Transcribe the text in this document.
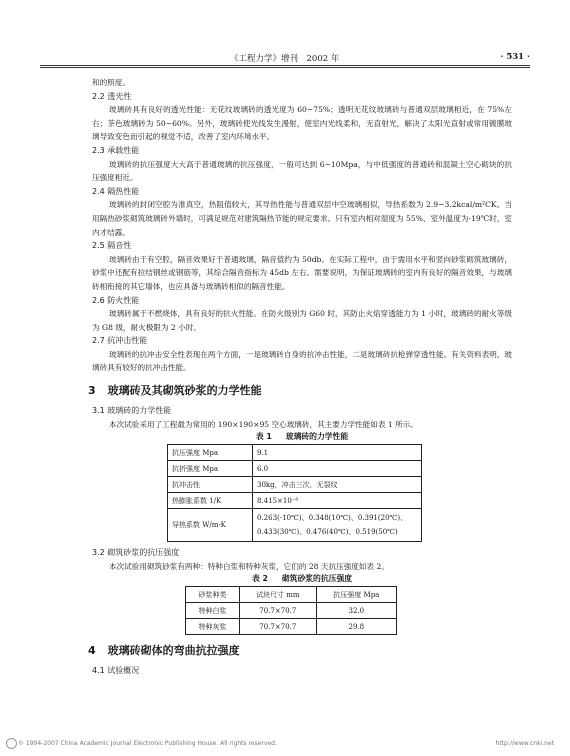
《工程力学》增刊　2002 年	· 531 ·

和的照度。

2.2 透光性

玻璃砖具有良好的透光性能：无花纹玻璃砖的透光度为 60~75%；透明无花纹玻璃砖与普通双层玻璃相近，在 75%左右；茶色玻璃砖为 50~60%。另外，玻璃砖使光线发生漫射，使室内光线柔和，无直射光，解决了太阳光直射或常用镀膜玻璃导致变色而引起的视觉不适，改善了室内环境水平。

2.3 承载性能

玻璃砖的抗压强度大大高于普通玻璃的抗压强度，一般可达到 6~10Mpa，与中低强度的普通砖和混凝土空心砌块的抗压强度相近。

2.4 隔热性能

玻璃砖的封闭空腔为准真空，热阻值较大，其导热性能与普通双层中空玻璃相似，导热系数为 2.9~3.2kcal/m²CK。当用隔热砂浆砌筑玻璃砖外墙时，可满足规范对建筑隔热节能的规定要求。只有室内相对湿度为 55%、室外温度为-19℃时，室内才结露。

2.5 隔音性

玻璃砖由于有空腔，隔音效果好于普通玻璃，隔音值约为 50db。在实际工程中，由于需用水平和竖向砂浆砌筑玻璃砖，砂浆中还配有拉结钢丝或钢筋等，其综合隔音指标为 45db 左右。需要说明，为保证玻璃砖的室内有良好的隔音效果，与玻璃砖相衔接的其它墙体，也应具备与玻璃砖相似的隔音性能。

2.6 防火性能

玻璃砖属于不燃烧体，具有良好的抗火性能。在防火级别为 G60 时，其防止火焰穿透能力为 1 小时，玻璃砖的耐火等级为 G8 级，耐火极限为 2 小时。

2.7 抗冲击性能

玻璃砖的抗冲击安全性表现在两个方面，一是玻璃砖自身的抗冲击性能，二是玻璃砖抗枪弹穿透性能。有关资料表明，玻璃砖具有较好的抗冲击性能。

3 玻璃砖及其砌筑砂浆的力学性能

3.1 玻璃砖的力学性能

本次试验采用了工程最为常用的 190×190×95 空心玻璃砖，其主要力学性能如表 1 所示。

表 1 玻璃砖的力学性能

抗压强度 Mpa	9.1
抗折强度 Mpa	6.0
抗冲击性	30kg，冲击三次，无裂纹
热膨胀系数 1/K	8.415×10⁻⁶
导热系数 W/m·K	0.263(-10℃)、0.348(10℃)、0.391(20℃)、
0.433(30℃)、0.476(40℃)、0.519(50℃)

3.2 砌筑砂浆的抗压强度

本次试验用砌筑砂浆有两种：特种白浆和特种灰浆，它们的 28 天抗压强度如表 2。

表 2 砌筑砂浆的抗压强度

砂浆种类	试块尺寸 mm	抗压强度 Mpa
特种白浆	70.7×70.7	32.0
特种灰浆	70.7×70.7	29.8
4 玻璃砖砌体的弯曲抗拉强度

4.1 试验概况

© 1994-2007 China Academic Journal Electronic Publishing House. All rights reserved.	http://www.cnki.net
